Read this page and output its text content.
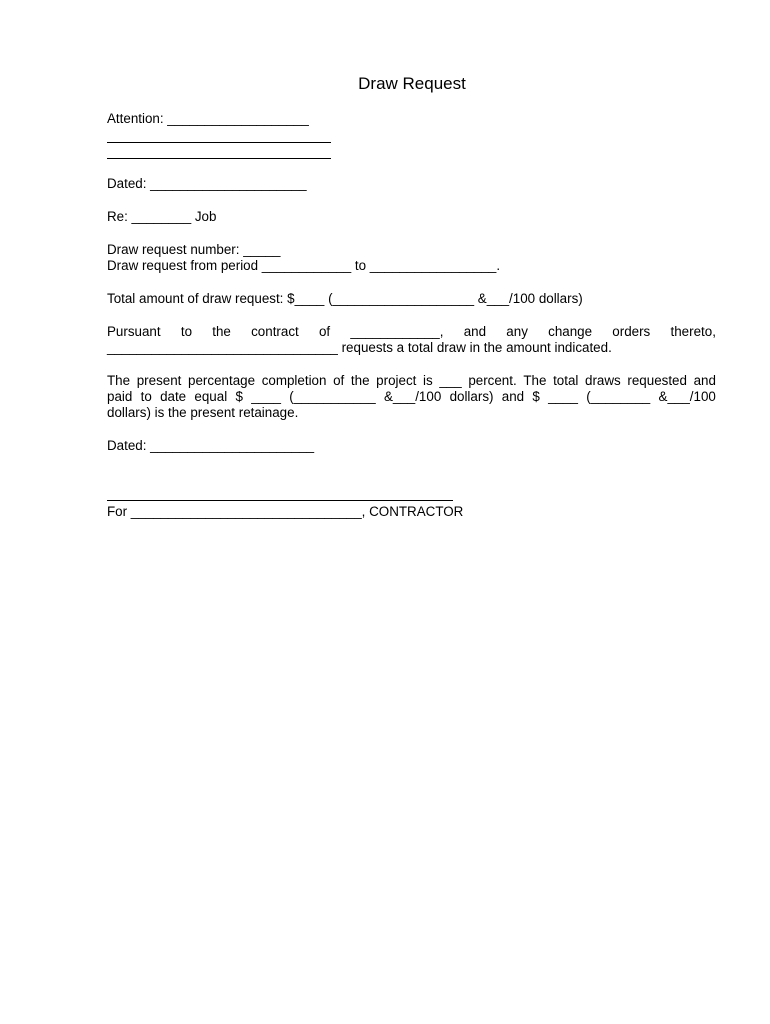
Draw Request
Attention: ___________________
Dated: _____________________
Re: ________ Job
Draw request number: _____
Draw request from period ____________ to _________________.
Total amount of draw request: $____ (___________________ &___/100 dollars)
Pursuant to the contract of ____________, and any change orders thereto,
_______________________________ requests a total draw in the amount indicated.
The present percentage completion of the project is ___ percent. The total draws requested and
paid to date equal $ ____ (___________ &___/100 dollars) and $ ____ (________ &___/100
dollars) is the present retainage.
Dated: ______________________
For _______________________________, CONTRACTOR
